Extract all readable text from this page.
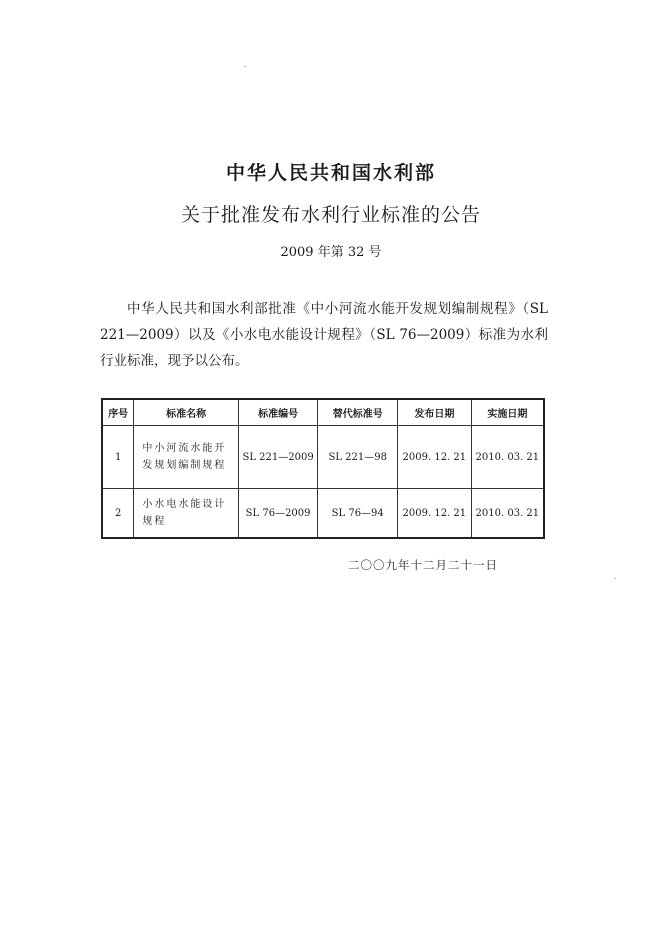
中华人民共和国水利部
关于批准发布水利行业标准的公告
2009 年第 32 号

中华人民共和国水利部批准《中小河流水能开发规划编制规程》（SL 221—2009）以及《小水电水能设计规程》（SL 76—2009）标准为水利行业标准，现予以公布。

序号	标准名称	标准编号	替代标准号	发布日期	实施日期
1	中小河流水能开发规划编制规程	SL 221—2009	SL 221—98	2009. 12. 21	2010. 03. 21
2	小水电水能设计规程	SL 76—2009	SL 76—94	2009. 12. 21	2010. 03. 21
二〇〇九年十二月二十一日
